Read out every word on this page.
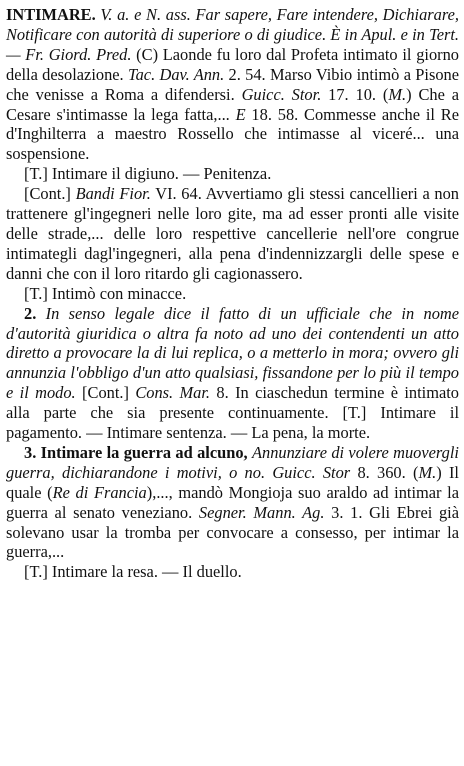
INTIMARE. V. a. e N. ass. Far sapere, Fare intendere, Dichiarare, Notificare con autorità di superiore o di giudice. È in Apul. e in Tert. — Fr. Giord. Pred. (C) Laonde fu loro dal Profeta intimato il giorno della desolazione. Tac. Dav. Ann. 2. 54. Marso Vibio intimò a Pisone che venisse a Roma a difendersi. Guicc. Stor. 17. 10. (M.) Che a Cesare s'intimasse la lega fatta,... E 18. 58. Commesse anche il Re d'Inghilterra a maestro Rossello che intimasse al viceré... una sospensione.

[T.] Intimare il digiuno. — Penitenza.

[Cont.] Bandi Fior. VI. 64. Avvertiamo gli stessi cancellieri a non trattenere gl'ingegneri nelle loro gite, ma ad esser pronti alle visite delle strade,... delle loro respettive cancellerie nell'ore congrue intimategli dagl'ingegneri, alla pena d'indennizzargli delle spese e danni che con il loro ritardo gli cagionassero.

[T.] Intimò con minacce.

2. In senso legale dice il fatto di un ufficiale che in nome d'autorità giuridica o altra fa noto ad uno dei contendenti un atto diretto a provocare la di lui replica, o a metterlo in mora; ovvero gli annunzia l'obbligo d'un atto qualsiasi, fissandone per lo più il tempo e il modo. [Cont.] Cons. Mar. 8. In ciaschedun termine è intimato alla parte che sia presente continuamente. [T.] Intimare il pagamento. — Intimare sentenza. — La pena, la morte.

3. Intimare la guerra ad alcuno, Annunziare di volere muovergli guerra, dichiarandone i motivi, o no. Guicc. Stor 8. 360. (M.) Il quale (Re di Francia),..., mandò Mongioja suo araldo ad intimar la guerra al senato veneziano. Segner. Mann. Ag. 3. 1. Gli Ebrei già solevano usar la tromba per convocare a consesso, per intimar la guerra,...

[T.] Intimare la resa. — Il duello.
